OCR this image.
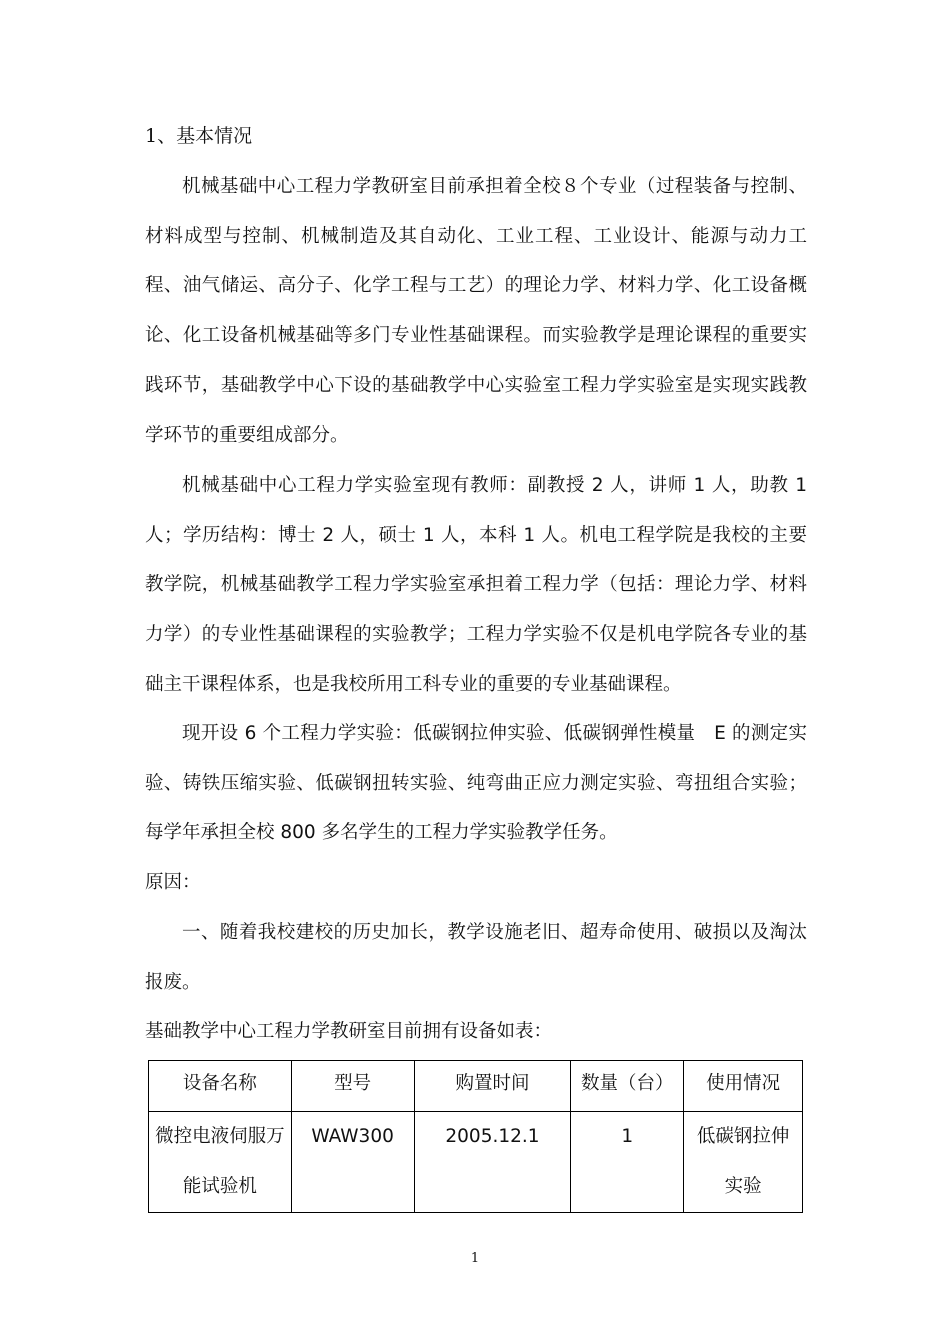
1、基本情况

机械基础中心工程力学教研室目前承担着全校８个专业（过程装备与控制、材料成型与控制、机械制造及其自动化、工业工程、工业设计、能源与动力工程、油气储运、高分子、化学工程与工艺）的理论力学、材料力学、化工设备概论、化工设备机械基础等多门专业性基础课程。而实验教学是理论课程的重要实践环节，基础教学中心下设的基础教学中心实验室工程力学实验室是实现实践教学环节的重要组成部分。

机械基础中心工程力学实验室现有教师：副教授 2 人，讲师 1 人，助教 1 人；学历结构：博士 2 人，硕士 1 人，本科 1 人。机电工程学院是我校的主要教学院，机械基础教学工程力学实验室承担着工程力学（包括：理论力学、材料力学）的专业性基础课程的实验教学；工程力学实验不仅是机电学院各专业的基础主干课程体系，也是我校所用工科专业的重要的专业基础课程。

现开设 6 个工程力学实验：低碳钢拉伸实验、低碳钢弹性模量　E 的测定实验、铸铁压缩实验、低碳钢扭转实验、纯弯曲正应力测定实验、弯扭组合实验；每学年承担全校 800 多名学生的工程力学实验教学任务。

原因：

一、随着我校建校的历史加长，教学设施老旧、超寿命使用、破损以及淘汰报废。

基础教学中心工程力学教研室目前拥有设备如表：

设备名称	型号	购置时间	数量（台）	使用情况
微控电液伺服万能试验机	WAW300	2005.12.1	1	低碳钢拉伸实验
1
